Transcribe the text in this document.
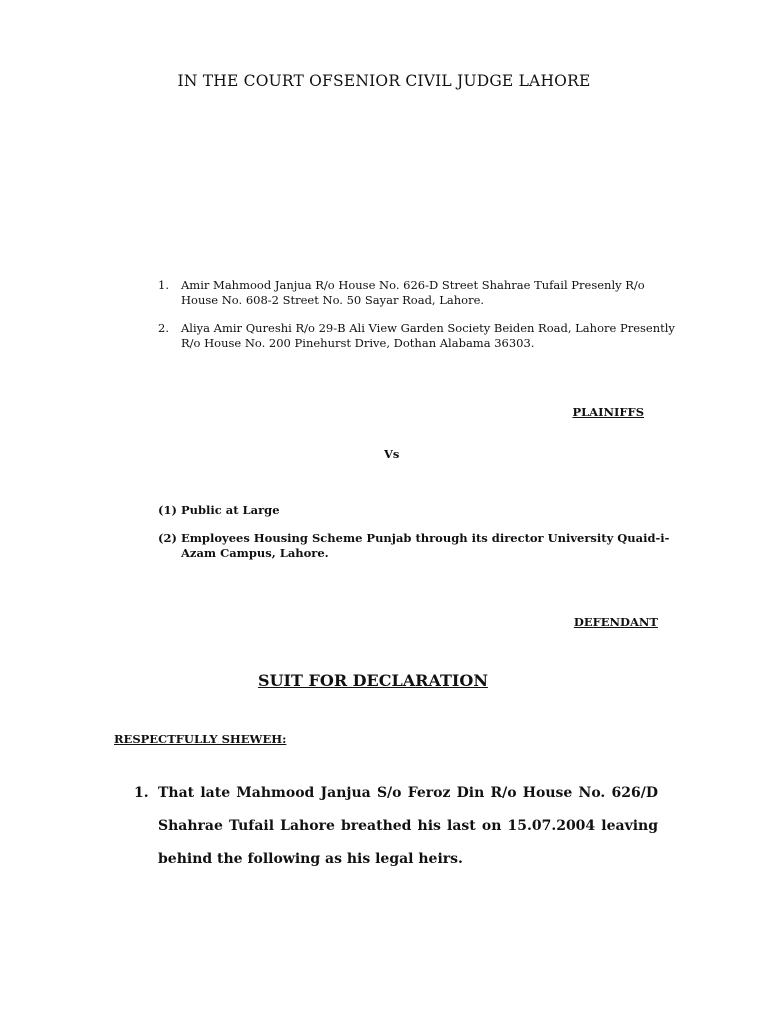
IN THE COURT OFSENIOR CIVIL JUDGE LAHORE
1.	Amir Mahmood Janjua R/o House No. 626-D Street Shahrae Tufail Presenly R/o House No. 608-2 Street No. 50 Sayar Road, Lahore.
2.	Aliya Amir Qureshi R/o 29-B Ali View Garden Society Beiden Road, Lahore Presently R/o House No. 200 Pinehurst Drive, Dothan Alabama 36303.
PLAINIFFS
Vs
(1) Public at Large
(2) Employees Housing Scheme Punjab through its director University Quaid-i-Azam Campus, Lahore.
DEFENDANT
SUIT FOR DECLARATION
RESPECTFULLY SHEWEH:
1. That late Mahmood Janjua S/o Feroz Din R/o House No. 626/D Shahrae Tufail Lahore breathed his last on 15.07.2004 leaving behind the following as his legal heirs.
